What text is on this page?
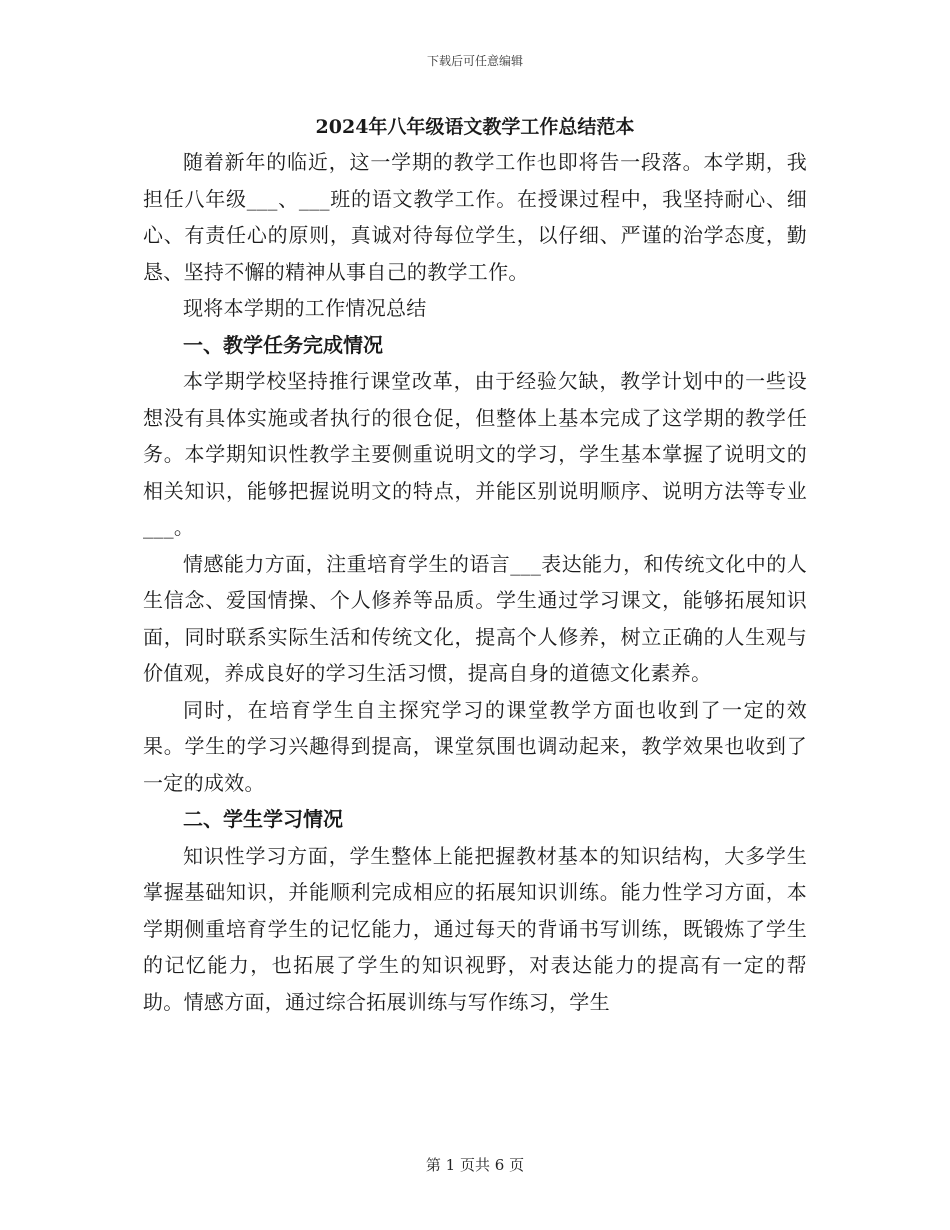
下载后可任意编辑
2024年八年级语文教学工作总结范本

随着新年的临近，这一学期的教学工作也即将告一段落。本学期，我担任八年级___、___班的语文教学工作。在授课过程中，我坚持耐心、细心、有责任心的原则，真诚对待每位学生，以仔细、严谨的治学态度，勤恳、坚持不懈的精神从事自己的教学工作。

现将本学期的工作情况总结

一、教学任务完成情况

本学期学校坚持推行课堂改革，由于经验欠缺，教学计划中的一些设想没有具体实施或者执行的很仓促，但整体上基本完成了这学期的教学任务。本学期知识性教学主要侧重说明文的学习，学生基本掌握了说明文的相关知识，能够把握说明文的特点，并能区别说明顺序、说明方法等专业___。

情感能力方面，注重培育学生的语言___表达能力，和传统文化中的人生信念、爱国情操、个人修养等品质。学生通过学习课文，能够拓展知识面，同时联系实际生活和传统文化，提高个人修养，树立正确的人生观与价值观，养成良好的学习生活习惯，提高自身的道德文化素养。

同时，在培育学生自主探究学习的课堂教学方面也收到了一定的效果。学生的学习兴趣得到提高，课堂氛围也调动起来，教学效果也收到了一定的成效。

二、学生学习情况

知识性学习方面，学生整体上能把握教材基本的知识结构，大多学生掌握基础知识，并能顺利完成相应的拓展知识训练。能力性学习方面，本学期侧重培育学生的记忆能力，通过每天的背诵书写训练，既锻炼了学生的记忆能力，也拓展了学生的知识视野，对表达能力的提高有一定的帮助。情感方面，通过综合拓展训练与写作练习，学生

第 1 页共 6 页
